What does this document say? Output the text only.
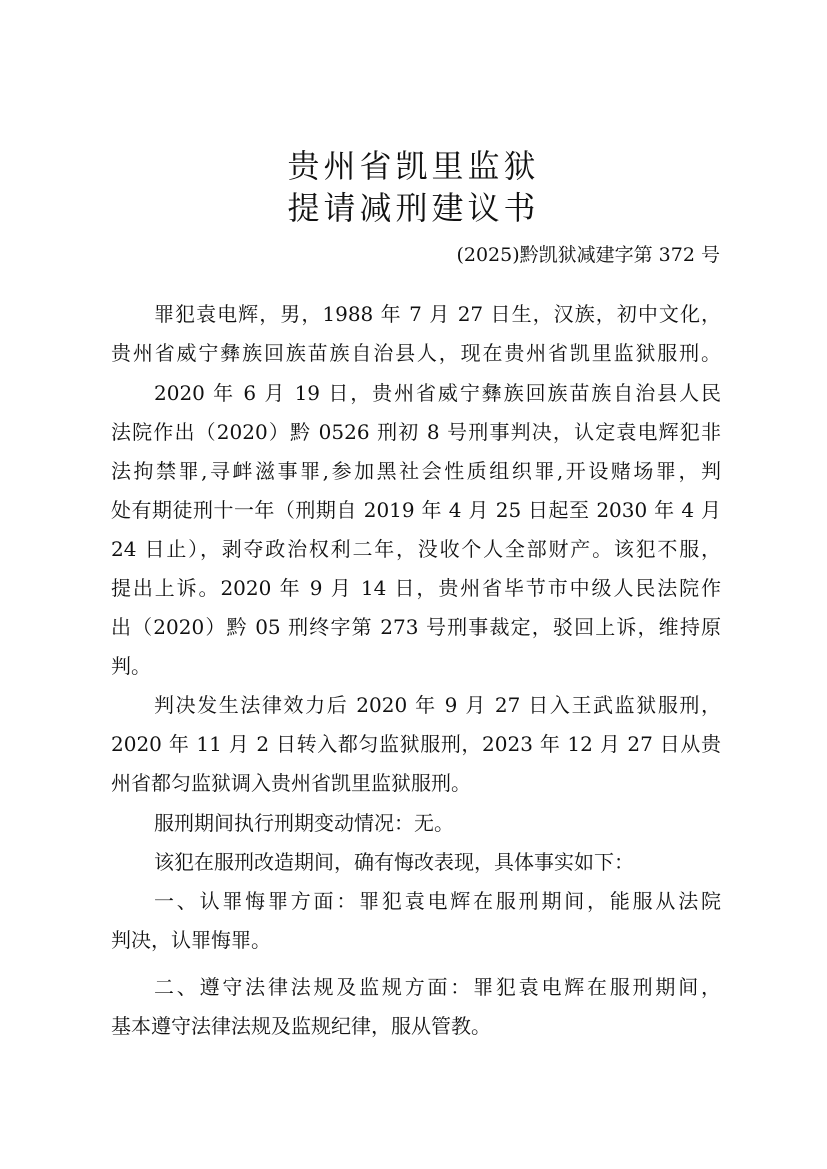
贵州省凯里监狱
提请减刑建议书
(2025)黔凯狱减建字第 372 号
罪犯袁电辉，男，1988 年 7 月 27 日生，汉族，初中文化，
贵州省威宁彝族回族苗族自治县人，现在贵州省凯里监狱服刑。
2020 年 6 月 19 日，贵州省威宁彝族回族苗族自治县人民
法院作出（2020）黔 0526 刑初 8 号刑事判决，认定袁电辉犯非
法拘禁罪,寻衅滋事罪,参加黑社会性质组织罪,开设赌场罪，判
处有期徒刑十一年（刑期自 2019 年 4 月 25 日起至 2030 年 4 月
24 日止），剥夺政治权利二年，没收个人全部财产。该犯不服，
提出上诉。2020 年 9 月 14 日，贵州省毕节市中级人民法院作
出（2020）黔 05 刑终字第 273 号刑事裁定，驳回上诉，维持原
判。
判决发生法律效力后 2020 年 9 月 27 日入王武监狱服刑，
2020 年 11 月 2 日转入都匀监狱服刑，2023 年 12 月 27 日从贵
州省都匀监狱调入贵州省凯里监狱服刑。
服刑期间执行刑期变动情况：无。
该犯在服刑改造期间，确有悔改表现，具体事实如下：
一、认罪悔罪方面：罪犯袁电辉在服刑期间，能服从法院
判决，认罪悔罪。
二、遵守法律法规及监规方面：罪犯袁电辉在服刑期间，
基本遵守法律法规及监规纪律，服从管教。
